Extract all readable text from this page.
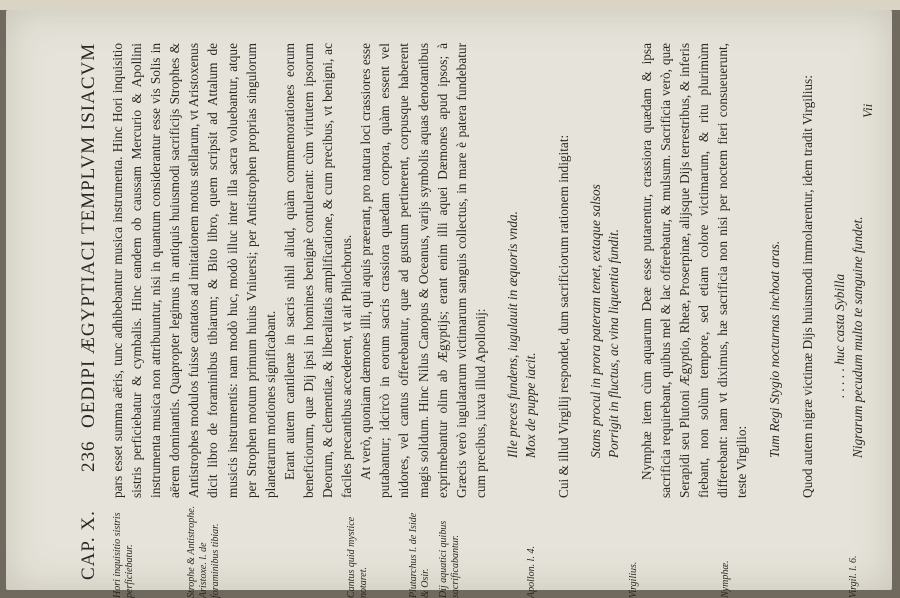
CAP. X.
236
OEDIPI ÆGYPTIACI TEMPLVM ISIACVM
Hori inquisitio sistris perficiebatur.	Strophe & Antistrophe. Aristoxe. l. de foraminibus tibiar.	Cantus quid mystice notaret.	Plutarchus l. de Iside & Osir. Dij aquatici quibus sacrificabantur.	Apollon. l. 4.	Virgilius.	Nymphæ.	Virgil. l. 6.

pars esset summa aëris, tunc adhibebantur musica instrumenta. Hinc Hori inquisitio sistris perficiebatur & cymbalis. Hinc eandem ob caussam Mercurio & Apollini instrumenta musica non attribuuntur, nisi in quantum considerantur esse vis Solis in aërem dominantis. Quapropter legimus in antiquis huiusmodi sacrificijs Strophes & Antistrophes modulos fuisse cantatos ad imitationem motus stellarum, vt Aristoxenus dicit libro de foraminibus tibiarum; & Bito libro, quem scripsit ad Attalum de musicis instrumentis: nam modò huc, modò illuc inter illa sacra voluebantur, atque per Strophen motum primum huius Vniuersi; per Antistrophen proprias singulorum planetarum motiones significabant. Erant autem cantilenæ in sacris nihil aliud, quàm commemorationes eorum beneficiorum, quæ Dij ipsi in homines benignè contulerant: cùm virtutem ipsorum Deorum, & clementiæ, & liberalitatis amplificatione, & cum precibus, vt benigni, ac faciles precantibus accederent, vt ait Philochorus. At verò, quoniam dæmones illi, qui aquis præerant, pro natura loci crassiores esse putabantur; idcircò in eorum sacris crassiora quædam corpora, quàm essent vel nidores, vel cantus offerebantur, quæ ad gustum pertinerent, corpusque haberent magis solidum. Hinc Nilus Canopus & Oceanus, varijs symbolis aquas denotantibus exprimebantur olim ab Ægyptijs; erant enim illi aquei Dæmones apud ipsos; à Græcis verò iugulatarum victimarum sanguis collectus, in mare è patera fundebatur cum precibus, iuxta illud Apollonij: Ille preces fundens, iugulauit in æquoris vnda. Mox de puppe iacit. Cui & illud Virgilij respondet, dum sacrificiorum rationem indigitat: Stans procul in prora pateram tenet, extaque salsos Porrigit in fluctus, ac vina liquentia fundit. Nymphæ item cùm aquarum Deæ esse putarentur, crassiora quædam & ipsa sacrificia requirebant, quibus mel & lac offerebatur, & mulsum. Sacrificia verò, quæ Serapidi seu Plutoni Ægyptio, Rheæ, Proserpinæ, alijsque Dijs terrestribus, & inferis fiebant, non solùm tempore, sed etiam colore victimarum, & ritu plurimùm differebant: nam vt diximus, hæ sacrificia non nisi per noctem fieri consueuerunt, teste Virgilio:

Tum Regi Stygio nocturnas inchoat aras. Quod autem nigræ victimæ Dijs huiusmodi immolarentur, idem tradit Virgilius: . . . . . huc casta Sybilla Nigrarum pecudum multo te sanguine fundet.
Vii
